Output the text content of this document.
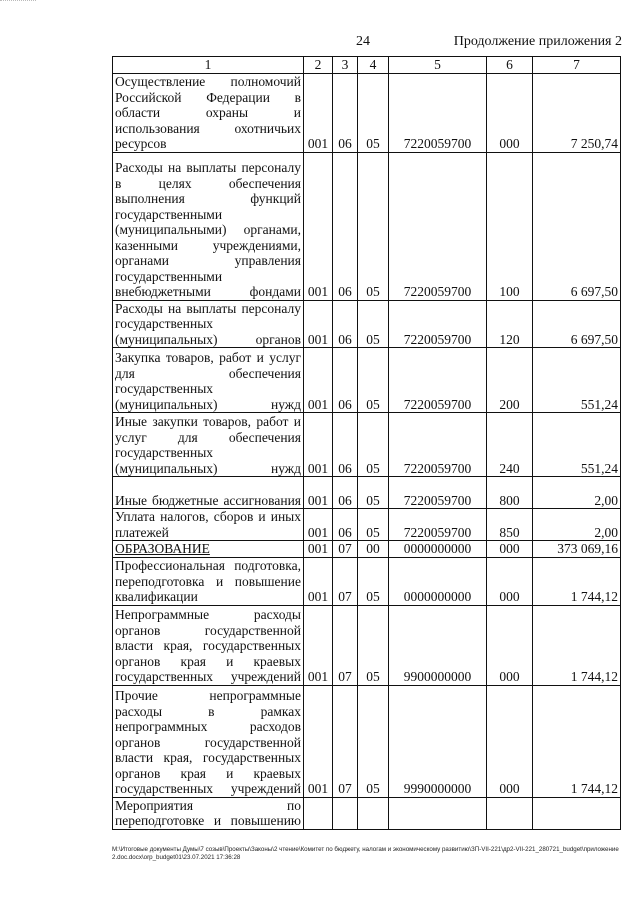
24	Продолжение приложения 2
1	2	3	4	5	6	7
Осуществление полномочий Российской Федерации в области охраны и использования охотничьих ресурсов	001	06	05	7220059700	000	7 250,74
Расходы на выплаты персоналу в целях обеспечения выполнения функций государственными (муниципальными) органами, казенными учреждениями, органами управления государственными внебюджетными фондами	001	06	05	7220059700	100	6 697,50
Расходы на выплаты персоналу государственных (муниципальных) органов	001	06	05	7220059700	120	6 697,50
Закупка товаров, работ и услуг для обеспечения государственных (муниципальных) нужд	001	06	05	7220059700	200	551,24
Иные закупки товаров, работ и услуг для обеспечения государственных (муниципальных) нужд	001	06	05	7220059700	240	551,24
Иные бюджетные ассигнования	001	06	05	7220059700	800	2,00
Уплата налогов, сборов и иных платежей	001	06	05	7220059700	850	2,00
ОБРАЗОВАНИЕ	001	07	00	0000000000	000	373 069,16
Профессиональная подготовка, переподготовка и повышение квалификации	001	07	05	0000000000	000	1 744,12
Непрограммные расходы органов государственной власти края, государственных органов края и краевых государственных учреждений	001	07	05	9900000000	000	1 744,12
Прочие непрограммные расходы в рамках непрограммных расходов органов государственной власти края, государственных органов края и краевых государственных учреждений	001	07	05	9990000000	000	1 744,12
Мероприятия по переподготовке и повышению						
М:\Итоговые документы Думы\7 созыв\Проекты\Законы\2 чтение\Комитет по бюджету, налогам и экономическому развитию\ЗП-VII-221\др2-VII-221_280721_budget\приложение 2.doc.docx\orp_budget01\23.07.2021 17:36:28
